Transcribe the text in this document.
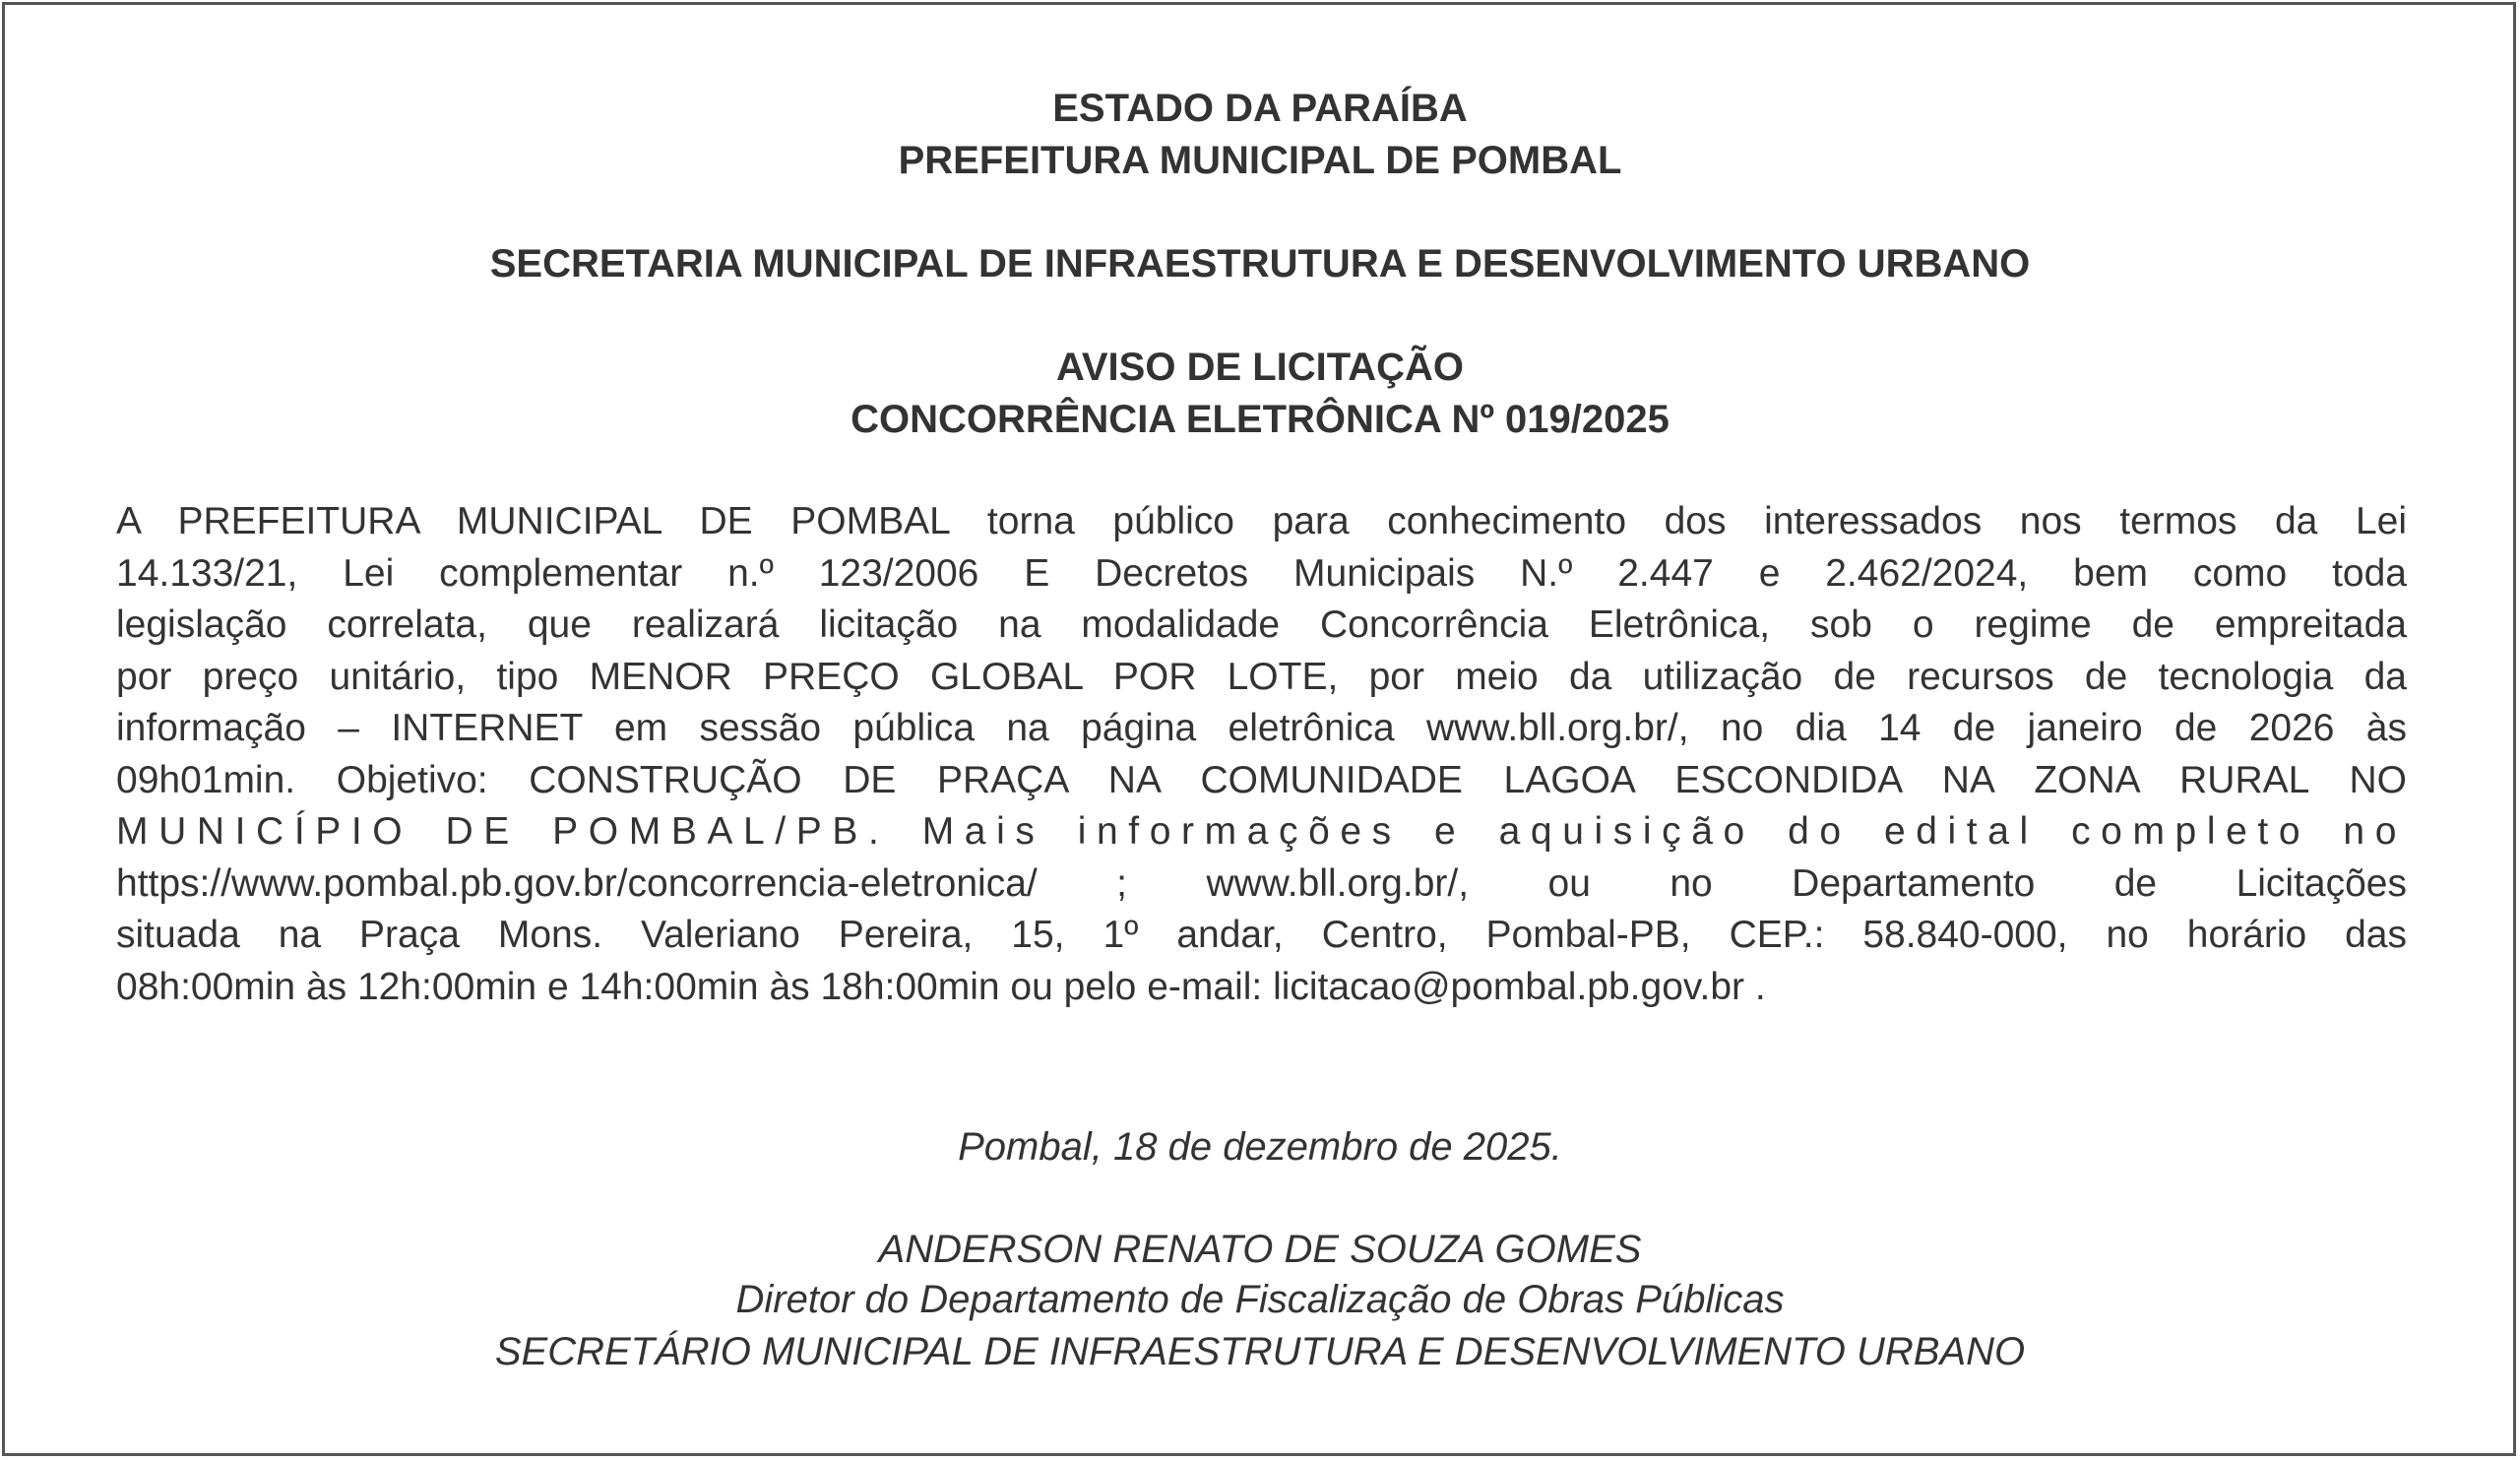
ESTADO DA PARAÍBA
PREFEITURA MUNICIPAL DE POMBAL
SECRETARIA MUNICIPAL DE INFRAESTRUTURA E DESENVOLVIMENTO URBANO
AVISO DE LICITAÇÃO
CONCORRÊNCIA ELETRÔNICA Nº 019/2025
A PREFEITURA MUNICIPAL DE POMBAL torna público para conhecimento dos interessados nos termos da Lei
14.133/21, Lei complementar n.º 123/2006 E Decretos Municipais N.º 2.447 e 2.462/2024, bem como toda
legislação correlata, que realizará licitação na modalidade Concorrência Eletrônica, sob o regime de empreitada
por preço unitário, tipo MENOR PREÇO GLOBAL POR LOTE, por meio da utilização de recursos de tecnologia da
informação – INTERNET em sessão pública na página eletrônica www.bll.org.br/, no dia 14 de janeiro de 2026 às
09h01min. Objetivo: CONSTRUÇÃO DE PRAÇA NA COMUNIDADE LAGOA ESCONDIDA NA ZONA RURAL NO
MUNICÍPIO DE POMBAL/PB. Mais informações e aquisição do edital completo no
https://www.pombal.pb.gov.br/concorrencia-eletronica/ ; www.bll.org.br/, ou no Departamento de Licitações
situada na Praça Mons. Valeriano Pereira, 15, 1º andar, Centro, Pombal-PB, CEP.: 58.840-000, no horário das
08h:00min às 12h:00min e 14h:00min às 18h:00min ou pelo e-mail: licitacao@pombal.pb.gov.br .

Pombal, 18 de dezembro de 2025.

ANDERSON RENATO DE SOUZA GOMES

Diretor do Departamento de Fiscalização de Obras Públicas

SECRETÁRIO MUNICIPAL DE INFRAESTRUTURA E DESENVOLVIMENTO URBANO
